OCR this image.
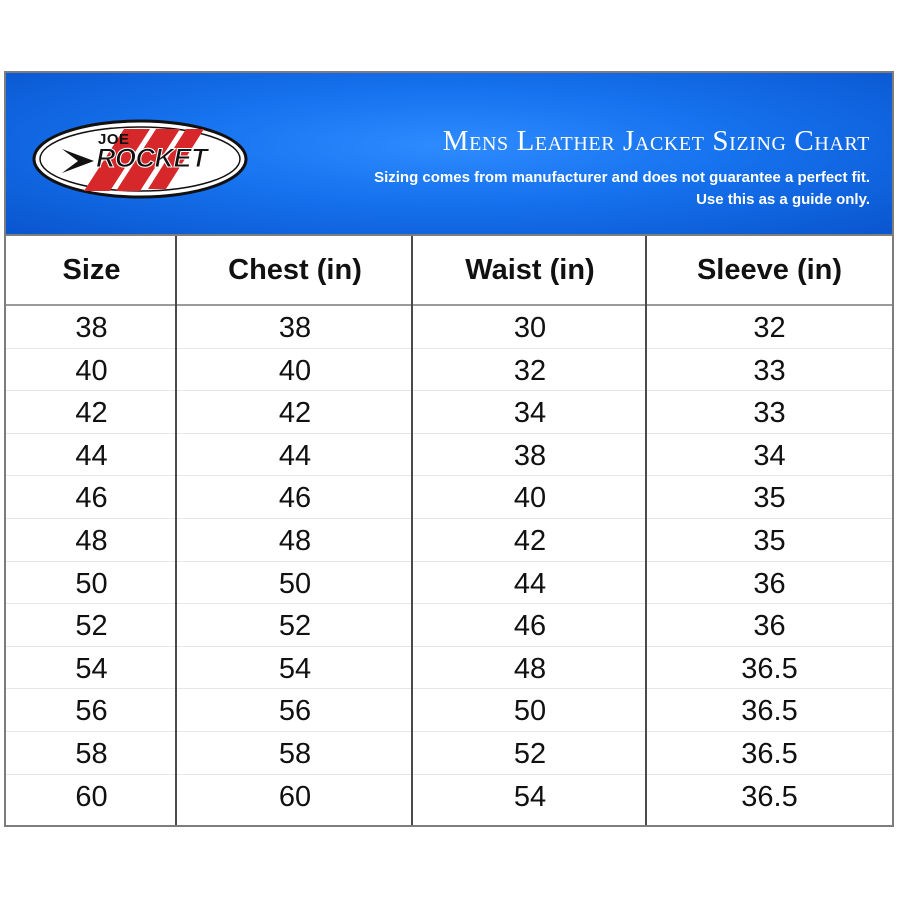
JOE
ROCKET
Mens Leather Jacket Sizing Chart
Sizing comes from manufacturer and does not guarantee a perfect fit.
Use this as a guide only.
Size	Chest (in)	Waist (in)	Sleeve (in)
38	38	30	32
40	40	32	33
42	42	34	33
44	44	38	34
46	46	40	35
48	48	42	35
50	50	44	36
52	52	46	36
54	54	48	36.5
56	56	50	36.5
58	58	52	36.5
60	60	54	36.5
